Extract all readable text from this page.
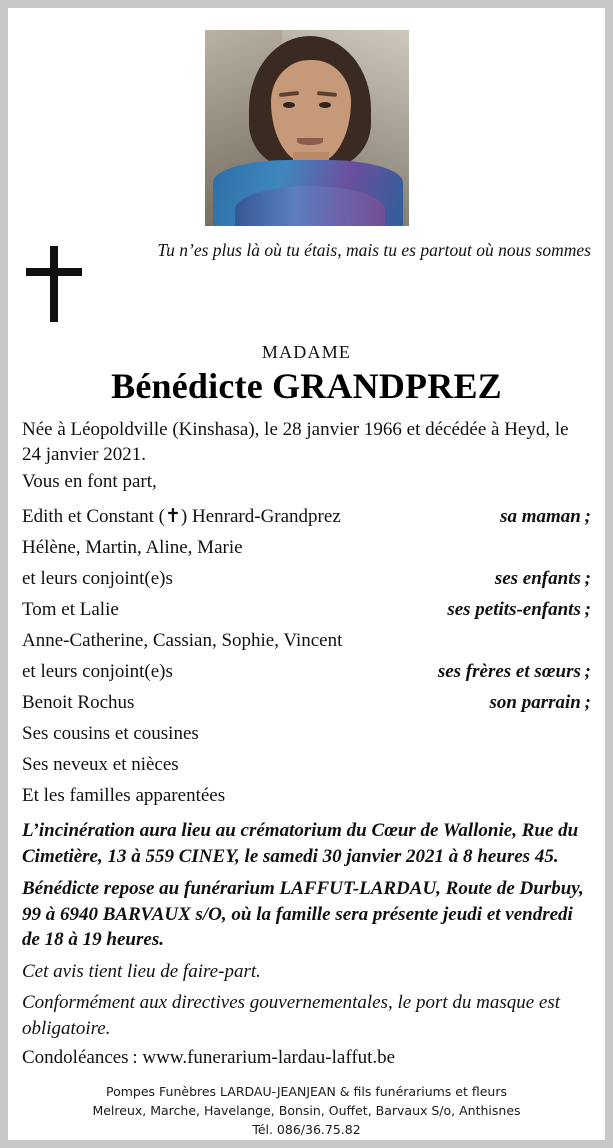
Tu n’es plus là où tu étais, mais tu es partout où nous sommes
MADAME
Bénédicte GRANDPREZ
Née à Léopoldville (Kinshasa), le 28 janvier 1966 et décédée à Heyd, le 24 janvier 2021.
Vous en font part,
Edith et Constant (✝) Henrard-Grandprez	sa maman ;
Hélène, Martin, Aline, Marie
et leurs conjoint(e)s	ses enfants ;
Tom et Lalie	ses petits-enfants ;
Anne-Catherine, Cassian, Sophie, Vincent
et leurs conjoint(e)s	ses frères et sœurs ;
Benoit Rochus	son parrain ;
Ses cousins et cousines
Ses neveux et nièces
Et les familles apparentées
L’incinération aura lieu au crématorium du Cœur de Wallonie, Rue du Cimetière, 13 à 559 CINEY, le samedi 30 janvier 2021 à 8 heures 45.
Bénédicte repose au funérarium LAFFUT-LARDAU, Route de Durbuy, 99 à 6940 BARVAUX s/O, où la famille sera présente jeudi et vendredi de 18 à 19 heures.
Cet avis tient lieu de faire-part.
Conformément aux directives gouvernementales, le port du masque est obligatoire.
Condoléances : www.funerarium-lardau-laffut.be
Pompes Funèbres LARDAU-JEANJEAN & fils funérariums et fleurs
Melreux, Marche, Havelange, Bonsin, Ouffet, Barvaux S/o, Anthisnes
Tél. 086/36.75.82
